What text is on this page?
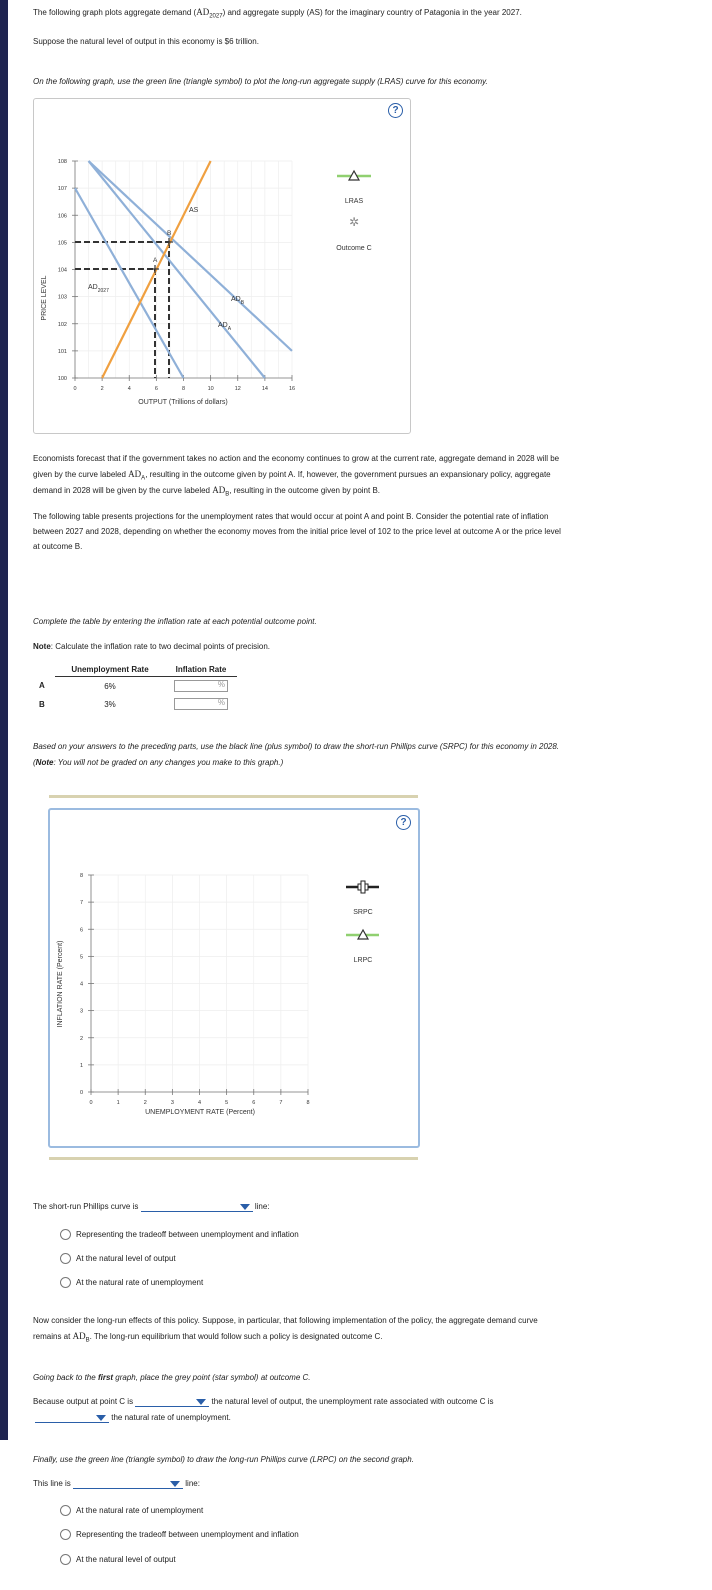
The following graph plots aggregate demand $(AD_{2027})$ and aggregate supply (AS) for the imaginary country of Patagonia in the year 2027.

Suppose the natural level of output in this economy is $6 trillion.

On the following graph, use the green line (triangle symbol) to plot the long-run aggregate supply (LRAS) curve for this economy.

?
PRICE LEVEL
OUTPUT (Trillions of dollars)
108
107
106
105
104
103
102
101
100
0	2	4	6	8	10	12	14	16
A
B
AS
$AD_{2027}$
$AD_B$
$AD_A$
LRAS
✲
Outcome C

Economists forecast that if the government takes no action and the economy continues to grow at the current rate, aggregate demand in 2028 will be

given by the curve labeled $AD_A$, resulting in the outcome given by point A. If, however, the government pursues an expansionary policy, aggregate

demand in 2028 will be given by the curve labeled $AD_B$, resulting in the outcome given by point B.

The following table presents projections for the unemployment rates that would occur at point A and point B. Consider the potential rate of inflation

between 2027 and 2028, depending on whether the economy moves from the initial price level of 102 to the price level at outcome A or the price level

at outcome B.

Complete the table by entering the inflation rate at each potential outcome point.

Note: Calculate the inflation rate to two decimal points of precision.

	Unemployment Rate	Inflation Rate
A	6%	%

B	3%	%

Based on your answers to the preceding parts, use the black line (plus symbol) to draw the short-run Phillips curve (SRPC) for this economy in 2028.

(Note: You will not be graded on any changes you make to this graph.)

?
INFLATION RATE (Percent)
UNEMPLOYMENT RATE (Percent)
8
7
6
5
4
3
2
1
0
0	1	2	3	4	5	6	7	8
SRPC
LRPC
The short-run Phillips curve is	line:
Representing the tradeoff between unemployment and inflation
At the natural level of output
At the natural rate of unemployment

Now consider the long-run effects of this policy. Suppose, in particular, that following implementation of the policy, the aggregate demand curve

remains at $AD_B$. The long-run equilibrium that would follow such a policy is designated outcome C.

Going back to the first graph, place the grey point (star symbol) at outcome C.

Because output at point C is	the natural level of output, the unemployment rate associated with outcome C is
the natural rate of unemployment.

Finally, use the green line (triangle symbol) to draw the long-run Phillips curve (LRPC) on the second graph.

This line is	line:
At the natural rate of unemployment
Representing the tradeoff between unemployment and inflation
At the natural level of output
